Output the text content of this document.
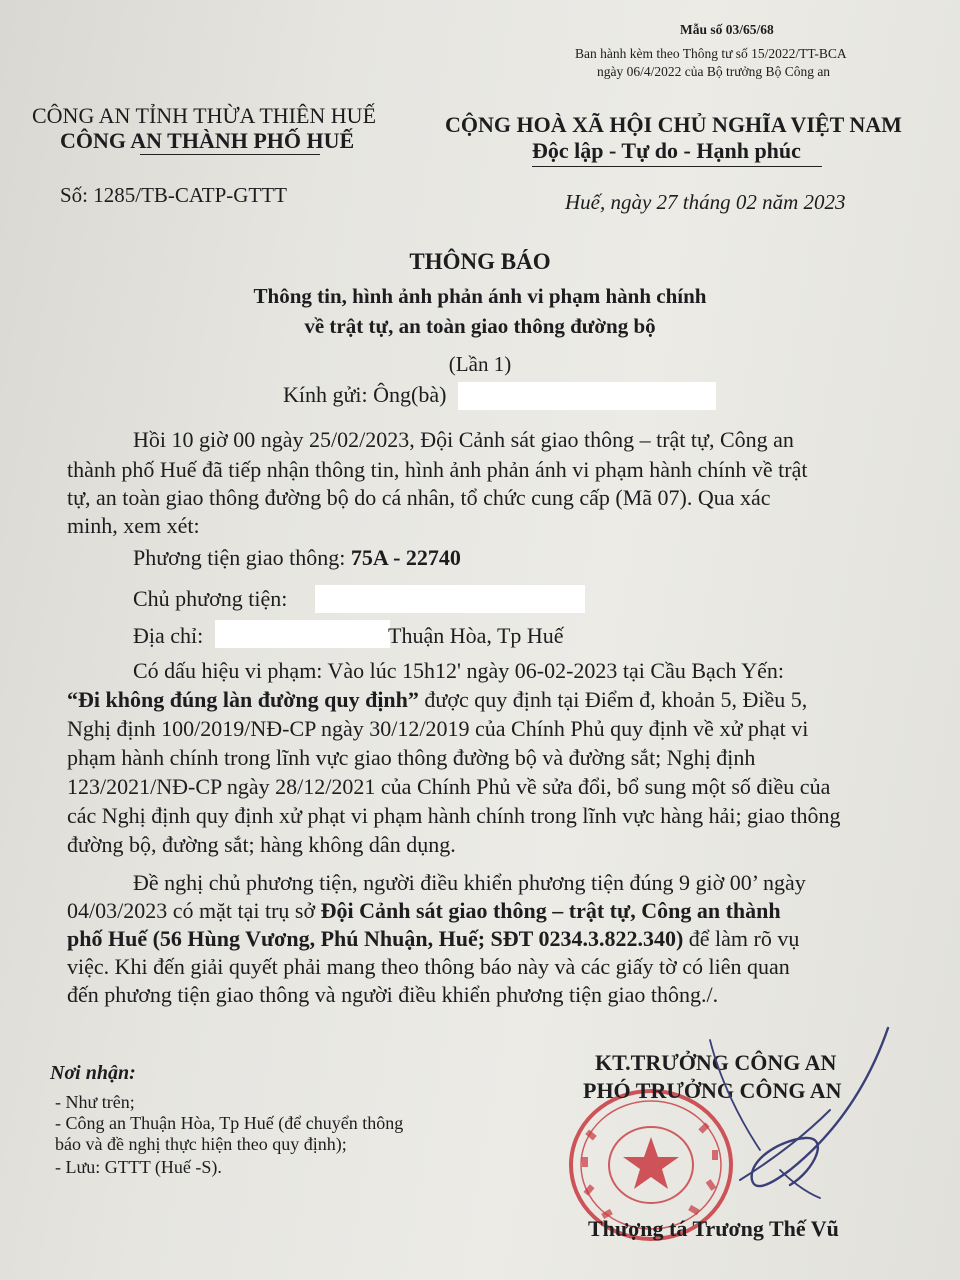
Mẫu số 03/65/68
Ban hành kèm theo Thông tư số 15/2022/TT-BCA
ngày 06/4/2022 của Bộ trưởng Bộ Công an
CÔNG AN TỈNH THỪA THIÊN HUẾ
CÔNG AN THÀNH PHỐ HUẾ
Số: 1285/TB-CATP-GTTT
CỘNG HOÀ XÃ HỘI CHỦ NGHĨA VIỆT NAM
Độc lập - Tự do - Hạnh phúc
Huế, ngày 27 tháng 02 năm 2023
THÔNG BÁO
Thông tin, hình ảnh phản ánh vi phạm hành chính
về trật tự, an toàn giao thông đường bộ
(Lần 1)
Kính gửi: Ông(bà)
Hồi 10 giờ 00 ngày 25/02/2023, Đội Cảnh sát giao thông – trật tự, Công an
thành phố Huế đã tiếp nhận thông tin, hình ảnh phản ánh vi phạm hành chính về trật
tự, an toàn giao thông đường bộ do cá nhân, tổ chức cung cấp (Mã 07). Qua xác
minh, xem xét:
Phương tiện giao thông: 75A - 22740
Chủ phương tiện:
Địa chỉ:	Thuận Hòa, Tp Huế
Có dấu hiệu vi phạm: Vào lúc 15h12' ngày 06-02-2023 tại Cầu Bạch Yến:
“Đi không đúng làn đường quy định” được quy định tại Điểm đ, khoản 5, Điều 5,
Nghị định 100/2019/NĐ-CP ngày 30/12/2019 của Chính Phủ quy định về xử phạt vi
phạm hành chính trong lĩnh vực giao thông đường bộ và đường sắt; Nghị định
123/2021/NĐ-CP ngày 28/12/2021 của Chính Phủ về sửa đổi, bổ sung một số điều của
các Nghị định quy định xử phạt vi phạm hành chính trong lĩnh vực hàng hải; giao thông
đường bộ, đường sắt; hàng không dân dụng.
Đề nghị chủ phương tiện, người điều khiển phương tiện đúng 9 giờ 00’ ngày
04/03/2023 có mặt tại trụ sở Đội Cảnh sát giao thông – trật tự, Công an thành
phố Huế (56 Hùng Vương, Phú Nhuận, Huế; SĐT 0234.3.822.340) để làm rõ vụ
việc. Khi đến giải quyết phải mang theo thông báo này và các giấy tờ có liên quan
đến phương tiện giao thông và người điều khiển phương tiện giao thông./.
Nơi nhận:
- Như trên;
- Công an Thuận Hòa, Tp Huế (để chuyển thông
báo và đề nghị thực hiện theo quy định);
- Lưu: GTTT (Huế -S).
KT.TRƯỞNG CÔNG AN
PHÓ TRƯỞNG CÔNG AN
Thượng tá Trương Thế Vũ
